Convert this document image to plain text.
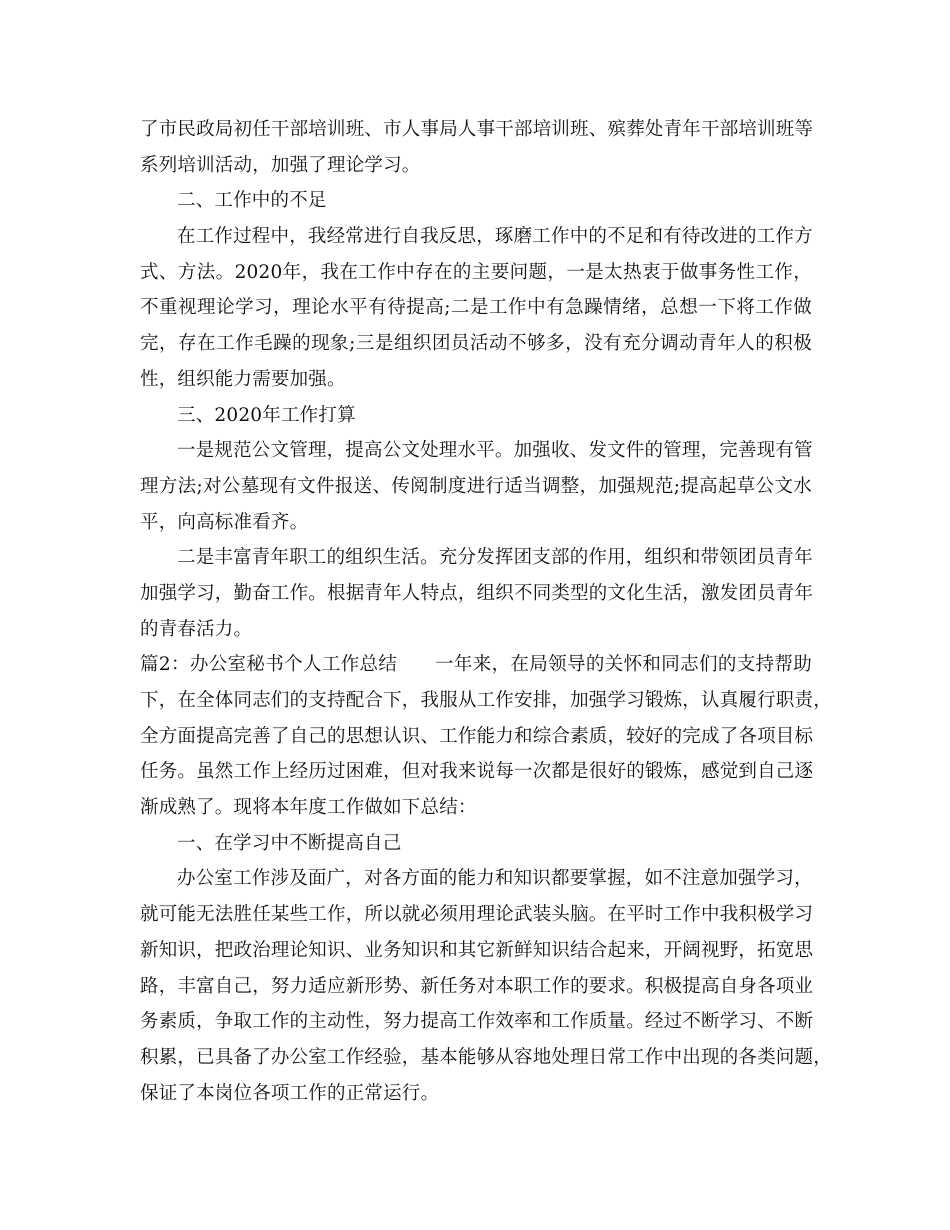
了市民政局初任干部培训班、市人事局人事干部培训班、殡葬处青年干部培训班等
系列培训活动，加强了理论学习。
二、工作中的不足
在工作过程中，我经常进行自我反思，琢磨工作中的不足和有待改进的工作方
式、方法。2020年，我在工作中存在的主要问题，一是太热衷于做事务性工作，
不重视理论学习，理论水平有待提高;二是工作中有急躁情绪，总想一下将工作做
完，存在工作毛躁的现象;三是组织团员活动不够多，没有充分调动青年人的积极
性，组织能力需要加强。
三、2020年工作打算
一是规范公文管理，提高公文处理水平。加强收、发文件的管理，完善现有管
理方法;对公墓现有文件报送、传阅制度进行适当调整，加强规范;提高起草公文水
平，向高标准看齐。
二是丰富青年职工的组织生活。充分发挥团支部的作用，组织和带领团员青年
加强学习，勤奋工作。根据青年人特点，组织不同类型的文化生活，激发团员青年
的青春活力。
篇2：办公室秘书个人工作总结　　一年来，在局领导的关怀和同志们的支持帮助
下，在全体同志们的支持配合下，我服从工作安排，加强学习锻炼，认真履行职责，
全方面提高完善了自己的思想认识、工作能力和综合素质，较好的完成了各项目标
任务。虽然工作上经历过困难，但对我来说每一次都是很好的锻炼，感觉到自己逐
渐成熟了。现将本年度工作做如下总结：
一、在学习中不断提高自己
办公室工作涉及面广，对各方面的能力和知识都要掌握，如不注意加强学习，
就可能无法胜任某些工作，所以就必须用理论武装头脑。在平时工作中我积极学习
新知识，把政治理论知识、业务知识和其它新鲜知识结合起来，开阔视野，拓宽思
路，丰富自己，努力适应新形势、新任务对本职工作的要求。积极提高自身各项业
务素质，争取工作的主动性，努力提高工作效率和工作质量。经过不断学习、不断
积累，已具备了办公室工作经验，基本能够从容地处理日常工作中出现的各类问题，
保证了本岗位各项工作的正常运行。
